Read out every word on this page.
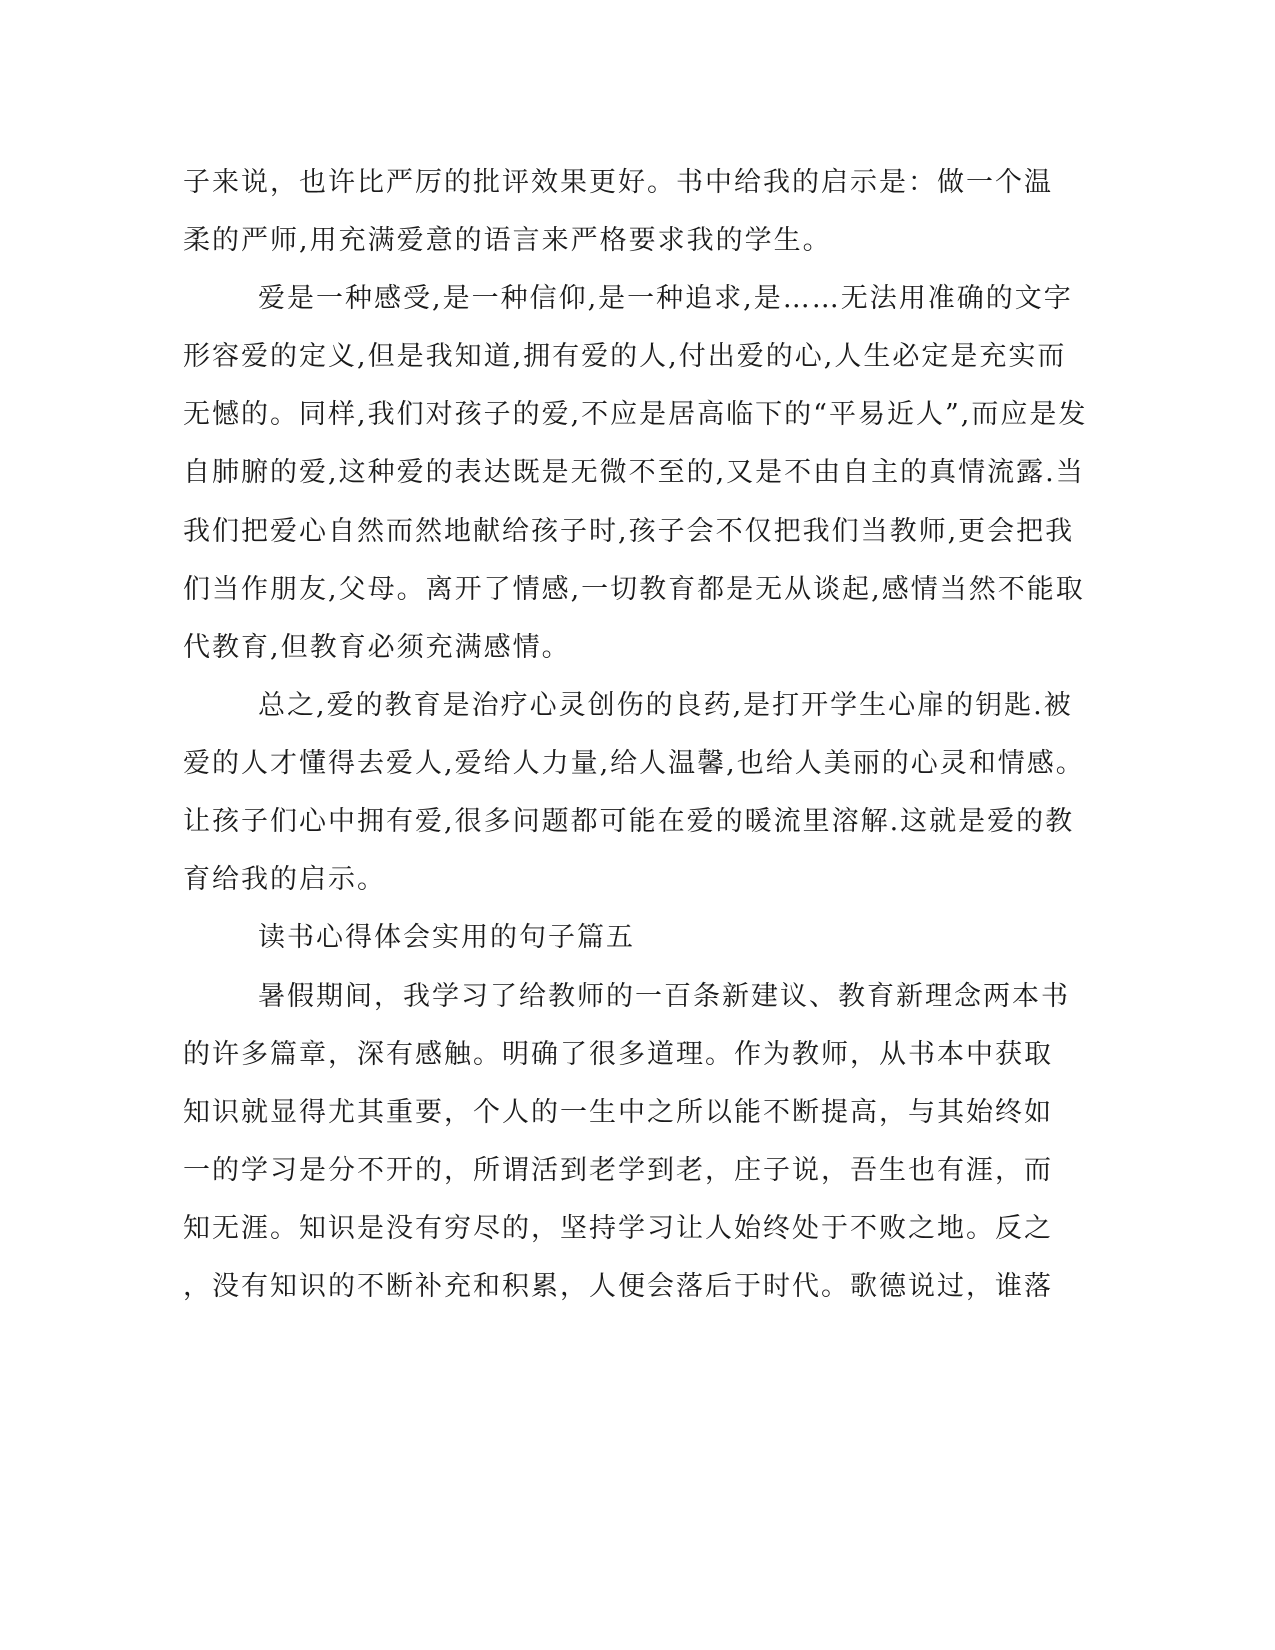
子来说，也许比严厉的批评效果更好。书中给我的启示是：做一个温
柔的严师,用充满爱意的语言来严格要求我的学生。
爱是一种感受,是一种信仰,是一种追求,是……无法用准确的文字
形容爱的定义,但是我知道,拥有爱的人,付出爱的心,人生必定是充实而
无憾的。同样,我们对孩子的爱,不应是居高临下的“平易近人”,而应是发
自肺腑的爱,这种爱的表达既是无微不至的,又是不由自主的真情流露.当
我们把爱心自然而然地献给孩子时,孩子会不仅把我们当教师,更会把我
们当作朋友,父母。离开了情感,一切教育都是无从谈起,感情当然不能取
代教育,但教育必须充满感情。
总之,爱的教育是治疗心灵创伤的良药,是打开学生心扉的钥匙.被
爱的人才懂得去爱人,爱给人力量,给人温馨,也给人美丽的心灵和情感。
让孩子们心中拥有爱,很多问题都可能在爱的暖流里溶解.这就是爱的教
育给我的启示。
读书心得体会实用的句子篇五
暑假期间，我学习了给教师的一百条新建议、教育新理念两本书
的许多篇章，深有感触。明确了很多道理。作为教师，从书本中获取
知识就显得尤其重要，个人的一生中之所以能不断提高，与其始终如
一的学习是分不开的，所谓活到老学到老，庄子说，吾生也有涯，而
知无涯。知识是没有穷尽的，坚持学习让人始终处于不败之地。反之
，没有知识的不断补充和积累，人便会落后于时代。歌德说过，谁落
